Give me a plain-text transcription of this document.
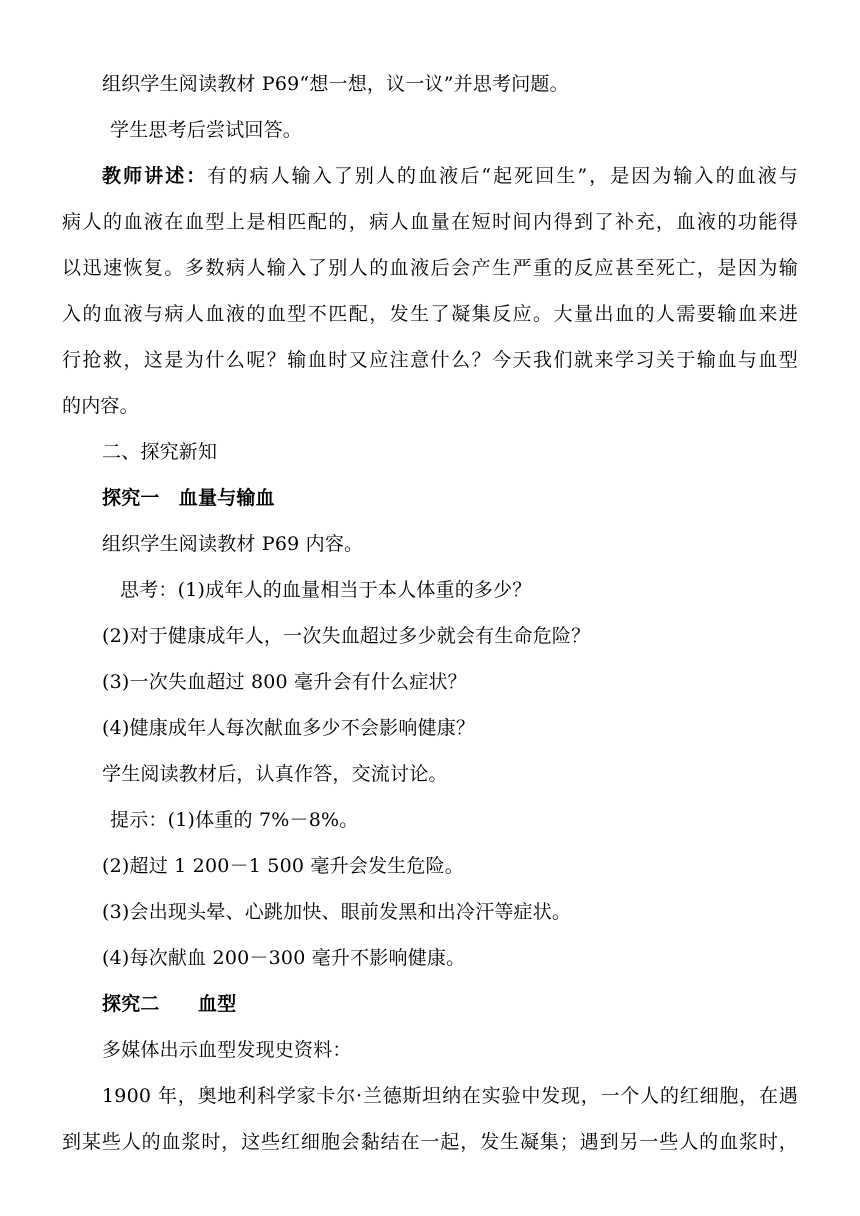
组织学生阅读教材 P69“想一想，议一议”并思考问题。
学生思考后尝试回答。
教师讲述：有的病人输入了别人的血液后“起死回生”，是因为输入的血液与
病人的血液在血型上是相匹配的，病人血量在短时间内得到了补充，血液的功能得
以迅速恢复。多数病人输入了别人的血液后会产生严重的反应甚至死亡，是因为输
入的血液与病人血液的血型不匹配，发生了凝集反应。大量出血的人需要输血来进
行抢救，这是为什么呢？输血时又应注意什么？今天我们就来学习关于输血与血型
的内容。
二、探究新知
探究一　血量与输血
组织学生阅读教材 P69 内容。
思考：(1)成年人的血量相当于本人体重的多少？
(2)对于健康成年人，一次失血超过多少就会有生命危险？
(3)一次失血超过 800 毫升会有什么症状？
(4)健康成年人每次献血多少不会影响健康？
学生阅读教材后，认真作答，交流讨论。
提示：(1)体重的 7%－8%。
(2)超过 1 200－1 500 毫升会发生危险。
(3)会出现头晕、心跳加快、眼前发黑和出冷汗等症状。
(4)每次献血 200－300 毫升不影响健康。
探究二　　血型
多媒体出示血型发现史资料：
1900 年，奥地利科学家卡尔·兰德斯坦纳在实验中发现，一个人的红细胞，在遇
到某些人的血浆时，这些红细胞会黏结在一起，发生凝集；遇到另一些人的血浆时，
